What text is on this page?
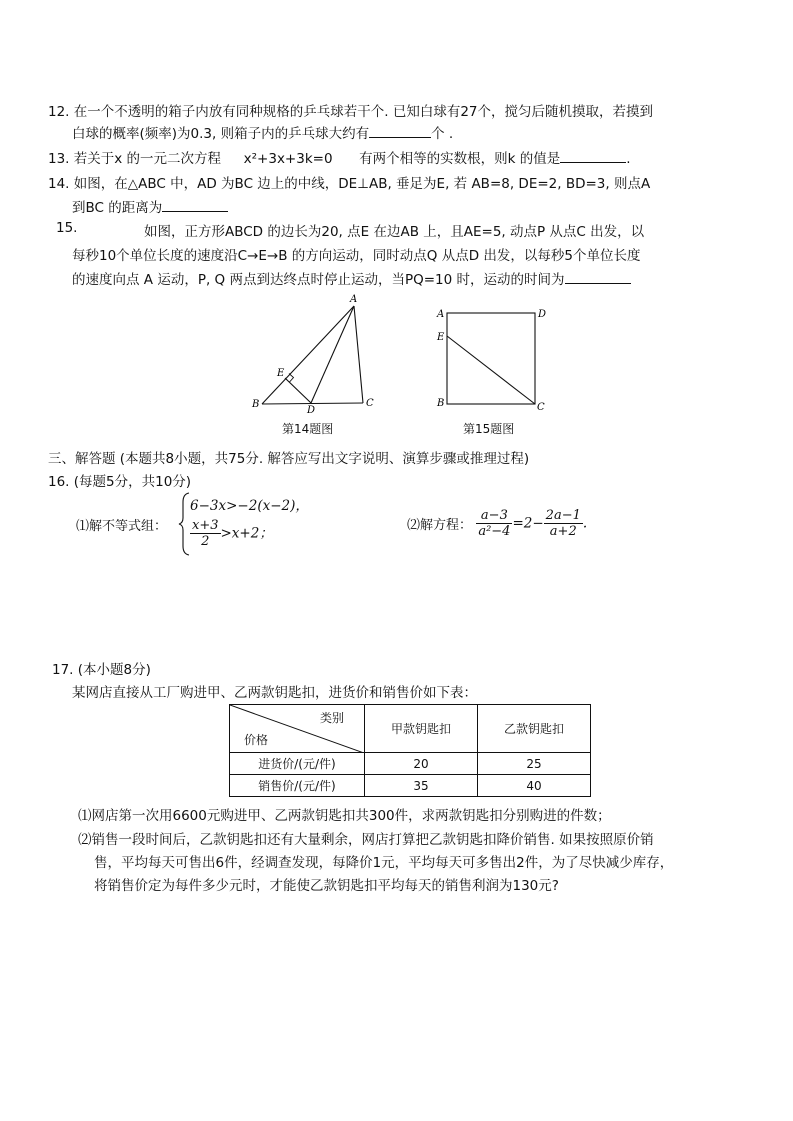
12. 在一个不透明的箱子内放有同种规格的乒乓球若干个. 已知白球有27个，搅匀后随机摸取，若摸到
白球的概率(频率)为0.3, 则箱子内的乒乓球大约有	个 .
13. 若关于x 的一元二次方程 x²+3x+3k=0 有两个相等的实数根，则k 的值是	.
14. 如图，在△ABC 中，AD 为BC 边上的中线，DE⊥AB, 垂足为E, 若 AB=8, DE=2, BD=3, 则点A
到BC 的距离为
15.	如图，正方形ABCD 的边长为20, 点E 在边AB 上，且AE=5, 动点P 从点C 出发，以
每秒10个单位长度的速度沿C→E→B 的方向运动，同时动点Q 从点D 出发，以每秒5个单位长度
的速度向点 A 运动，P, Q 两点到达终点时停止运动，当PQ=10 时，运动的时间为
A
B	C
D
E
第14题图
A
B	C
D
E
第15题图
三、解答题 (本题共8小题，共75分. 解答应写出文字说明、演算步骤或推理过程)
16. (每题5分，共10分)
⑴解不等式组：
6−3x>−2(x−2)，
$\frac{x+3}{2} >x+2$；	⑵解方程： $\frac{a-3}{\text{a²−4}} =2- \frac{2a-1}{a+2}$ .
17. (本小题8分)
某网店直接从工厂购进甲、乙两款钥匙扣，进货价和销售价如下表：
类别
价格	甲款钥匙扣	乙款钥匙扣
进货价/(元/件)	20	25
销售价/(元/件)	35	40
⑴网店第一次用6600元购进甲、乙两款钥匙扣共300件，求两款钥匙扣分别购进的件数；
⑵销售一段时间后，乙款钥匙扣还有大量剩余，网店打算把乙款钥匙扣降价销售. 如果按照原价销
售，平均每天可售出6件，经调查发现，每降价1元，平均每天可多售出2件，为了尽快减少库存，
将销售价定为每件多少元时，才能使乙款钥匙扣平均每天的销售利润为130元?
